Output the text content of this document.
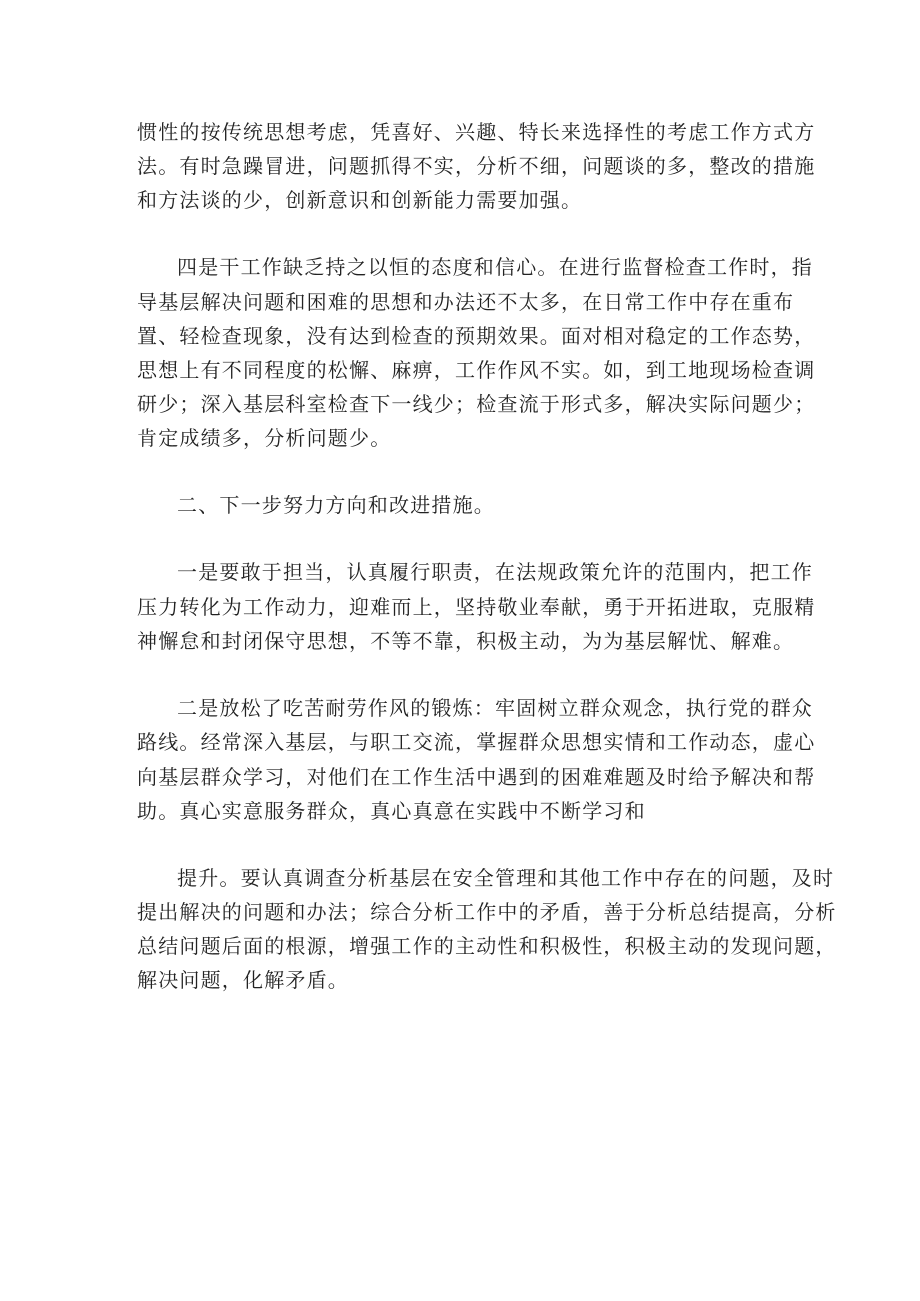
惯性的按传统思想考虑，凭喜好、兴趣、特长来选择性的考虑工作方式方
法。有时急躁冒进，问题抓得不实，分析不细，问题谈的多，整改的措施
和方法谈的少，创新意识和创新能力需要加强。
四是干工作缺乏持之以恒的态度和信心。在进行监督检查工作时，指
导基层解决问题和困难的思想和办法还不太多，在日常工作中存在重布
置、轻检查现象，没有达到检查的预期效果。面对相对稳定的工作态势，
思想上有不同程度的松懈、麻痹，工作作风不实。如，到工地现场检查调
研少；深入基层科室检查下一线少；检查流于形式多，解决实际问题少；
肯定成绩多，分析问题少。
二、下一步努力方向和改进措施。
一是要敢于担当，认真履行职责，在法规政策允许的范围内，把工作
压力转化为工作动力，迎难而上，坚持敬业奉献，勇于开拓进取，克服精
神懈怠和封闭保守思想，不等不靠，积极主动，为为基层解忧、解难。
二是放松了吃苦耐劳作风的锻炼：牢固树立群众观念，执行党的群众
路线。经常深入基层，与职工交流，掌握群众思想实情和工作动态，虚心
向基层群众学习，对他们在工作生活中遇到的困难难题及时给予解决和帮
助。真心实意服务群众，真心真意在实践中不断学习和
提升。要认真调查分析基层在安全管理和其他工作中存在的问题，及时
提出解决的问题和办法；综合分析工作中的矛盾，善于分析总结提高，分析
总结问题后面的根源，增强工作的主动性和积极性，积极主动的发现问题，
解决问题，化解矛盾。
